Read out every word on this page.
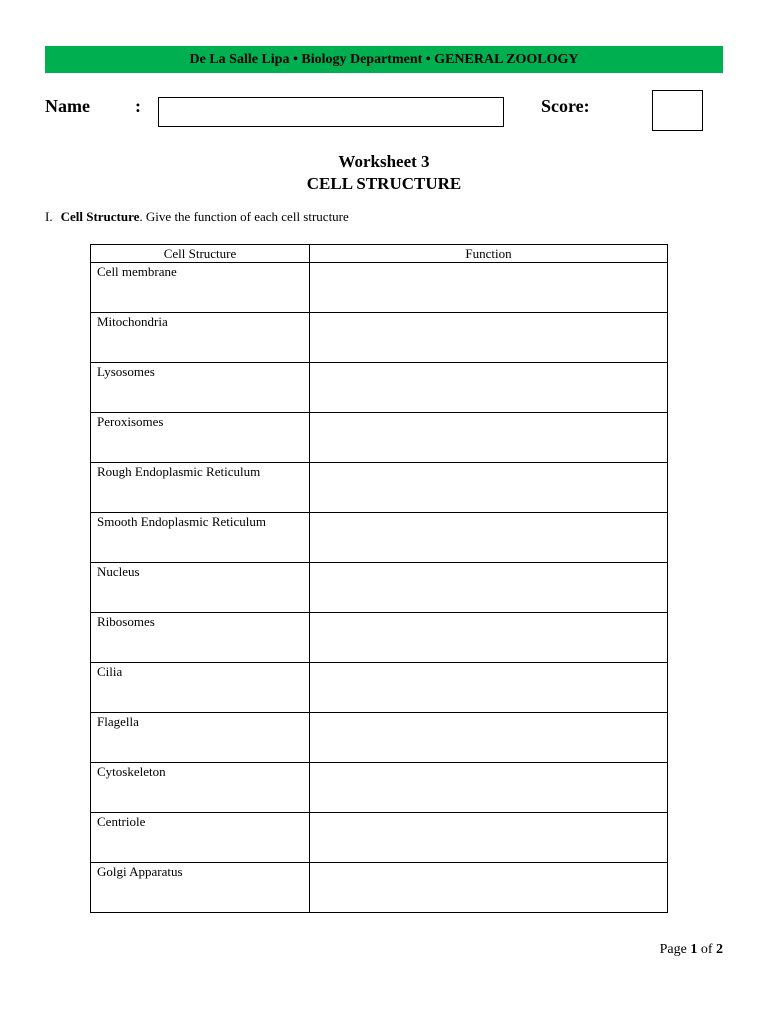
De La Salle Lipa • Biology Department • GENERAL ZOOLOGY
Name	:	Score:
Worksheet 3
CELL STRUCTURE
I. Cell Structure. Give the function of each cell structure
Cell Structure	Function
Cell membrane	
Mitochondria	
Lysosomes	
Peroxisomes	
Rough Endoplasmic Reticulum	
Smooth Endoplasmic Reticulum	
Nucleus	
Ribosomes	
Cilia	
Flagella	
Cytoskeleton	
Centriole	
Golgi Apparatus	
Page 1 of 2
